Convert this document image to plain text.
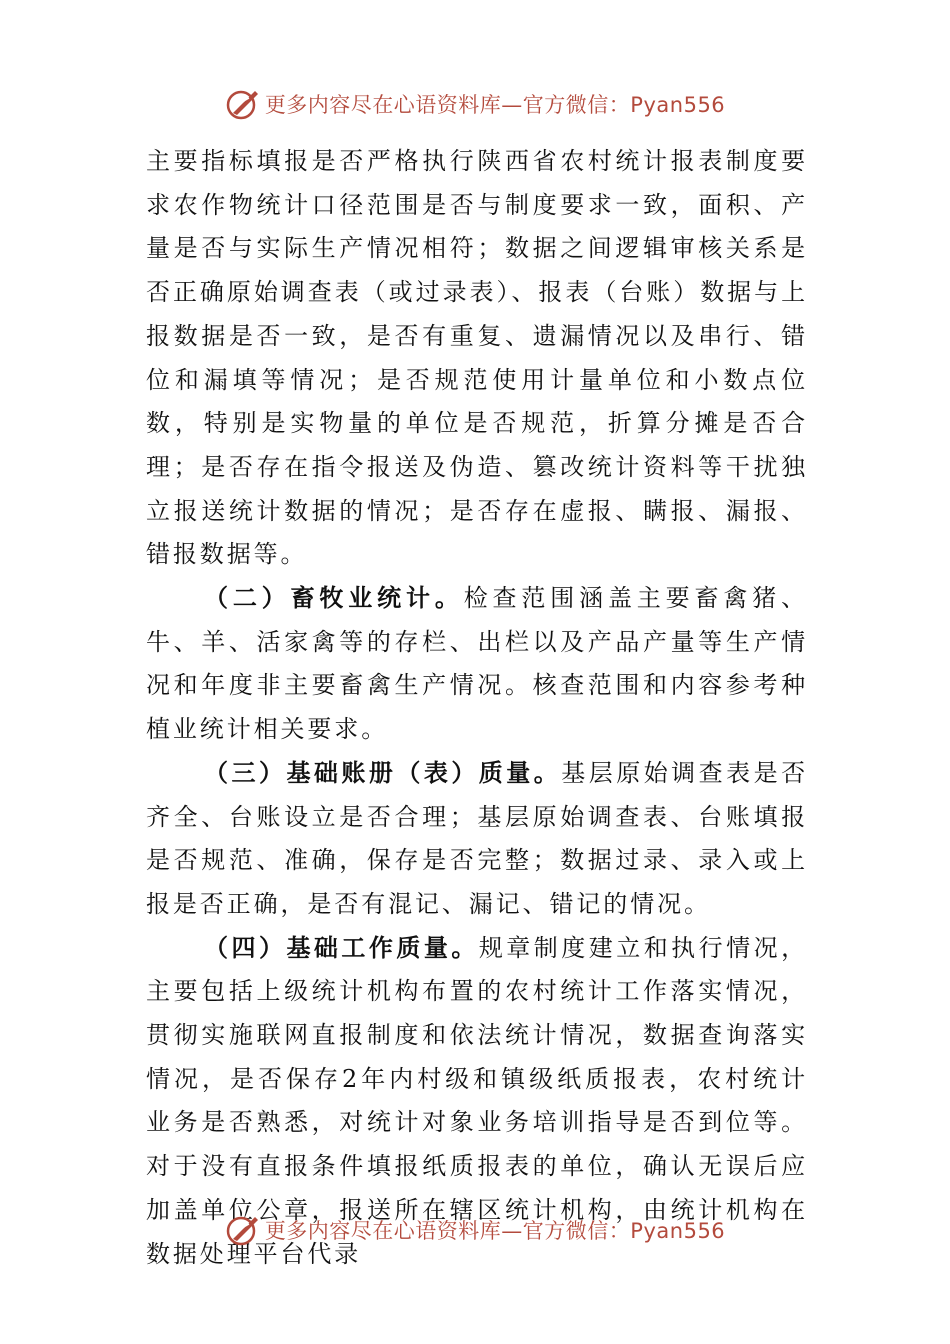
更多内容尽在心语资料库—官方微信：Pyan556

主要指标填报是否严格执行陕西省农村统计报表制度要求农作物统计口径范围是否与制度要求一致，面积、产量是否与实际生产情况相符；数据之间逻辑审核关系是否正确原始调查表（或过录表）、报表（台账）数据与上报数据是否一致，是否有重复、遗漏情况以及串行、错位和漏填等情况；是否规范使用计量单位和小数点位数，特别是实物量的单位是否规范，折算分摊是否合理；是否存在指令报送及伪造、篡改统计资料等干扰独立报送统计数据的情况；是否存在虚报、瞒报、漏报、错报数据等。

（二）畜牧业统计。检查范围涵盖主要畜禽猪、牛、羊、活家禽等的存栏、出栏以及产品产量等生产情况和年度非主要畜禽生产情况。核查范围和内容参考种植业统计相关要求。

（三）基础账册（表）质量。基层原始调查表是否齐全、台账设立是否合理；基层原始调查表、台账填报是否规范、准确，保存是否完整；数据过录、录入或上报是否正确，是否有混记、漏记、错记的情况。

（四）基础工作质量。规章制度建立和执行情况，主要包括上级统计机构布置的农村统计工作落实情况，贯彻实施联网直报制度和依法统计情况，数据查询落实情况，是否保存2年内村级和镇级纸质报表，农村统计业务是否熟悉，对统计对象业务培训指导是否到位等。对于没有直报条件填报纸质报表的单位，确认无误后应加盖单位公章，报送所在辖区统计机构，由统计机构在数据处理平台代录

更多内容尽在心语资料库—官方微信：Pyan556
